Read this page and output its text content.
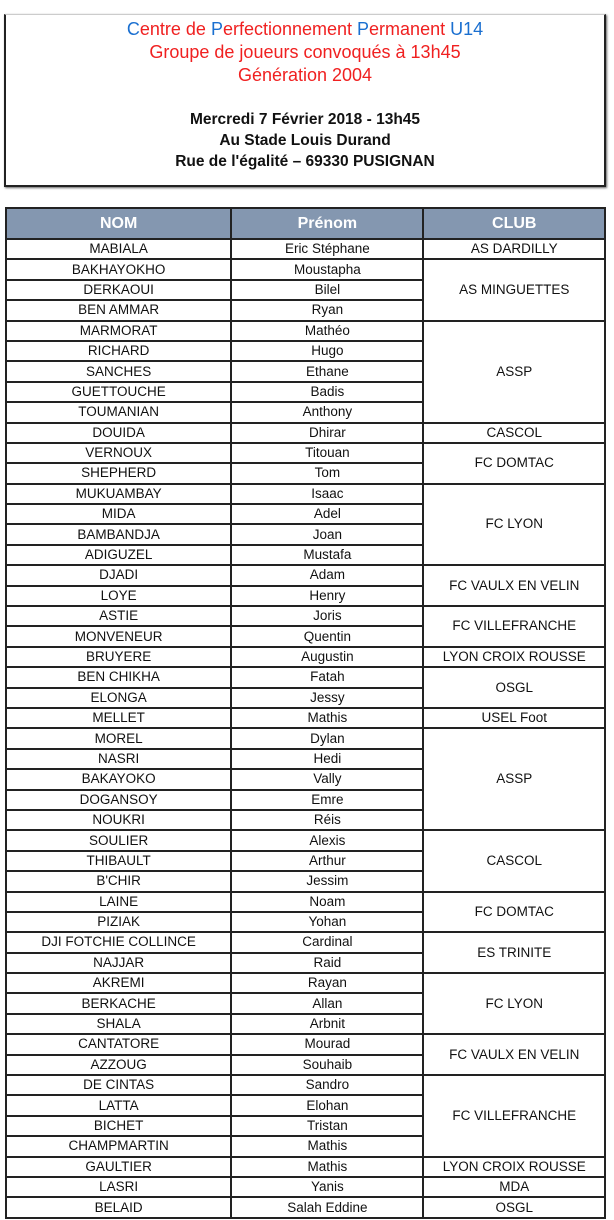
Centre de Perfectionnement Permanent U14
Groupe de joueurs convoqués à 13h45
Génération 2004
Mercredi 7 Février 2018 - 13h45
Au Stade Louis Durand
Rue de l'égalité – 69330 PUSIGNAN
NOM	Prénom	CLUB
MABIALA	Eric Stéphane	AS DARDILLY
BAKHAYOKHO	Moustapha	AS MINGUETTES
DERKAOUI	Bilel	
BEN AMMAR	Ryan	
MARMORAT	Mathéo	ASSP
RICHARD	Hugo	
SANCHES	Ethane	
GUETTOUCHE	Badis	
TOUMANIAN	Anthony	
DOUIDA	Dhirar	CASCOL
VERNOUX	Titouan	FC DOMTAC
SHEPHERD	Tom	
MUKUAMBAY	Isaac	FC LYON
MIDA	Adel	
BAMBANDJA	Joan	
ADIGUZEL	Mustafa	
DJADI	Adam	FC VAULX EN VELIN
LOYE	Henry	
ASTIE	Joris	FC VILLEFRANCHE
MONVENEUR	Quentin	
BRUYERE	Augustin	LYON CROIX ROUSSE
BEN CHIKHA	Fatah	OSGL
ELONGA	Jessy	
MELLET	Mathis	USEL Foot
MOREL	Dylan	ASSP
NASRI	Hedi	
BAKAYOKO	Vally	
DOGANSOY	Emre	
NOUKRI	Réis	
SOULIER	Alexis	CASCOL
THIBAULT	Arthur	
B'CHIR	Jessim	
LAINE	Noam	FC DOMTAC
PIZIAK	Yohan	
DJI FOTCHIE COLLINCE	Cardinal	ES TRINITE
NAJJAR	Raid	
AKREMI	Rayan	FC LYON
BERKACHE	Allan	
SHALA	Arbnit	
CANTATORE	Mourad	FC VAULX EN VELIN
AZZOUG	Souhaib	
DE CINTAS	Sandro	FC VILLEFRANCHE
LATTA	Elohan	
BICHET	Tristan	
CHAMPMARTIN	Mathis	
GAULTIER	Mathis	LYON CROIX ROUSSE
LASRI	Yanis	MDA
BELAID	Salah Eddine	OSGL
